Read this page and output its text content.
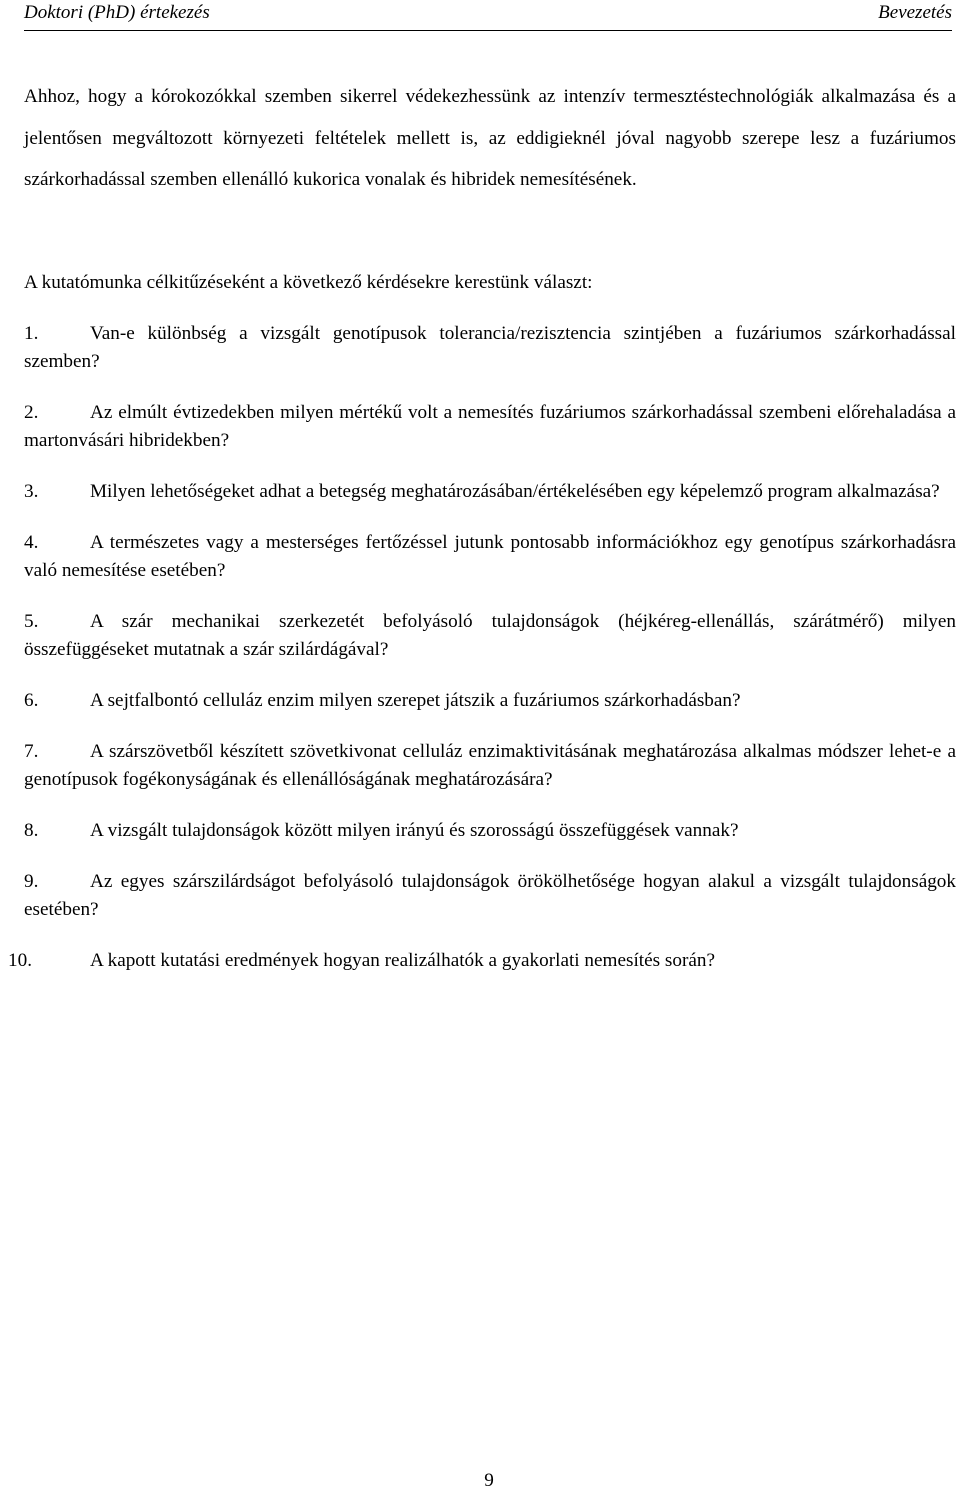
Doktori (PhD) értekezés	Bevezetés

Ahhoz, hogy a kórokozókkal szemben sikerrel védekezhessünk az intenzív termesztéstechnológiák alkalmazása és a jelentősen megváltozott környezeti feltételek mellett is, az eddigieknél jóval nagyobb szerepe lesz a fuzáriumos szárkorhadással szemben ellenálló kukorica vonalak és hibridek nemesítésének.

A kutatómunka célkitűzéseként a következő kérdésekre kerestünk választ:

1.	Van-e különbség a vizsgált genotípusok tolerancia/rezisztencia szintjében a fuzáriumos szárkorhadással szemben?
2.	Az elmúlt évtizedekben milyen mértékű volt a nemesítés fuzáriumos szárkorhadással szembeni előrehaladása a martonvásári hibridekben?
3.	Milyen lehetőségeket adhat a betegség meghatározásában/értékelésében egy képelemző program alkalmazása?
4.	A természetes vagy a mesterséges fertőzéssel jutunk pontosabb információkhoz egy genotípus szárkorhadásra való nemesítése esetében?
5.	A szár mechanikai szerkezetét befolyásoló tulajdonságok (héjkéreg-ellenállás, szárátmérő) milyen összefüggéseket mutatnak a szár szilárdágával?
6.	A sejtfalbontó celluláz enzim milyen szerepet játszik a fuzáriumos szárkorhadásban?
7.	A szárszövetből készített szövetkivonat celluláz enzimaktivitásának meghatározása alkalmas módszer lehet-e a genotípusok fogékonyságának és ellenállóságának meghatározására?
8.	A vizsgált tulajdonságok között milyen irányú és szorosságú összefüggések vannak?
9.	Az egyes szárszilárdságot befolyásoló tulajdonságok örökölhetősége hogyan alakul a vizsgált tulajdonságok esetében?
10.	A kapott kutatási eredmények hogyan realizálhatók a gyakorlati nemesítés során?
9
